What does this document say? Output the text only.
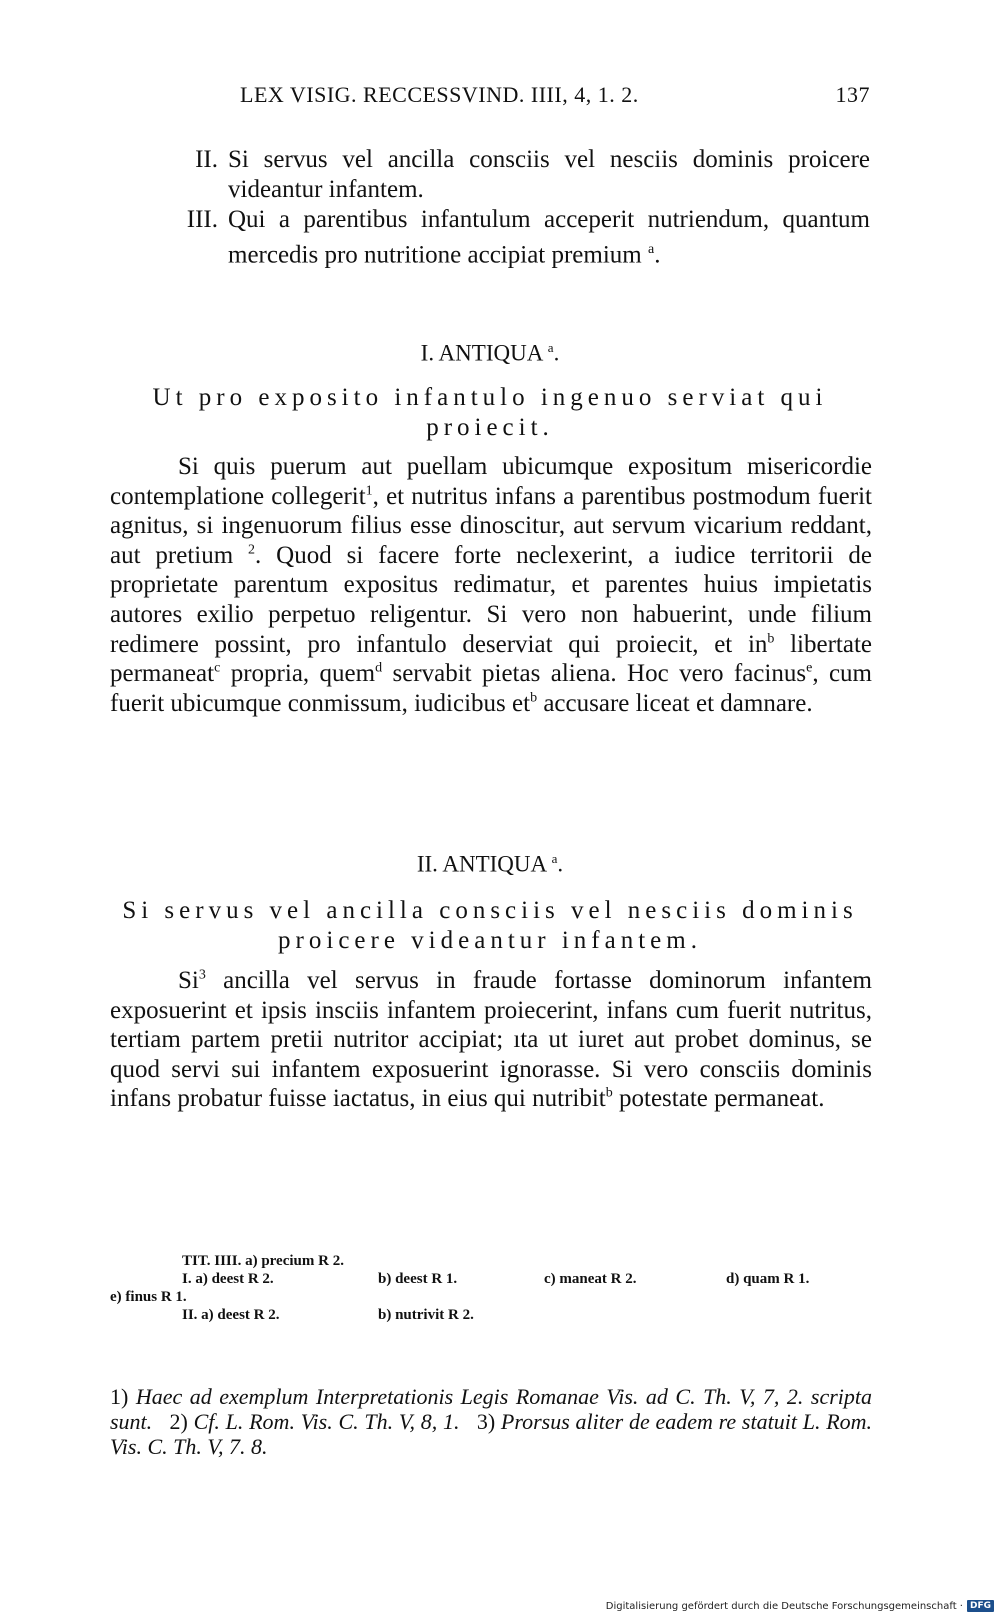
LEX VISIG. RECCESSVIND. IIII, 4, 1. 2.	137
II. Si servus vel ancilla consciis vel nesciis dominis proicere videantur infantem.
III. Qui a parentibus infantulum acceperit nutriendum, quantum mercedis pro nutritione accipiat premium $^a$.
I. ANTIQUA $^a$.
Ut pro exposito infantulo ingenuo serviat qui proiecit.
Si quis puerum aut puellam ubicumque expositum misericordie contemplatione collegerit$^1$, et nutritus infans a parentibus postmodum fuerit agnitus, si ingenuorum filius esse dinoscitur, aut servum vicarium reddant, aut pretium $^2$. Quod si facere forte neclexerint, a iudice territorii de proprietate parentum expositus redimatur, et parentes huius impietatis autores exilio perpetuo religentur. Si vero non habuerint, unde filium redimere possint, pro infantulo deserviat qui proiecit, et $in^b$ libertate permaneat$^c$ propria, quem$^d$ servabit pietas aliena. Hoc vero facinus$^e$, cum fuerit ubicumque conmissum, iudicibus $et^b$ accusare liceat et damnare.
II. ANTIQUA $^a$.
Si servus vel ancilla consciis vel nesciis dominis proicere videantur infantem.
Si$^3$ ancilla vel servus in fraude fortasse dominorum infantem exposuerint et ipsis insciis infantem proiecerint, infans cum fuerit nutritus, tertiam partem pretii nutritor accipiat; ıta ut iuret aut probet dominus, se quod servi sui infantem exposuerint ignorasse. Si vero consciis dominis infans probatur fuisse iactatus, in eius qui nutribit$^b$ potestate permaneat.
TIT. IIII. a) precium R 2.
I. a) deest R 2.	b) deest R 1.	c) maneat R 2.	d) quam R 1.
e) finus R 1.
II. a) deest R 2.	b) nutrivit R 2.
1) Haec ad exemplum Interpretationis Legis Romanae Vis. ad C. Th. V, 7, 2. scripta sunt. 2) Cf. L. Rom. Vis. C. Th. V, 8, 1. 3) Prorsus aliter de eadem re statuit L. Rom. Vis. C. Th. V, 7. 8.
Digitalisierung gefördert durch die Deutsche Forschungsgemeinschaft · DFG
